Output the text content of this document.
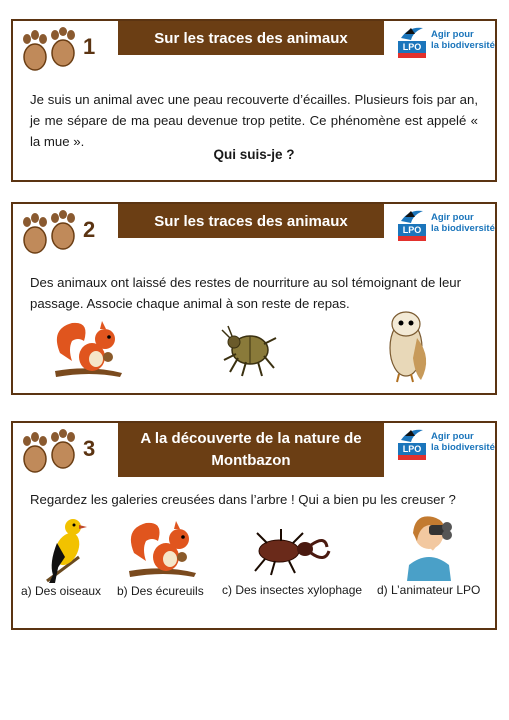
1	Sur les traces des animaux
LPO
Agir pour
la biodiversité
Je suis un animal avec une peau recouverte d’écailles. Plusieurs fois par an, je me sépare de ma peau devenue trop petite. Ce phénomène est appelé « la mue ».
Qui suis-je ?
2	Sur les traces des animaux
LPO
Agir pour
la biodiversité
Des animaux ont laissé des restes de nourriture au sol témoignant de leur passage. Associe chaque animal à son reste de repas.
3	A la découverte de la nature de
Montbazon
LPO
Agir pour
la biodiversité
Regardez les galeries creusées dans l’arbre ! Qui a bien pu les creuser ?
a) Des oiseaux b) Des écureuils c) Des insectes xylophage d) L’animateur LPO
